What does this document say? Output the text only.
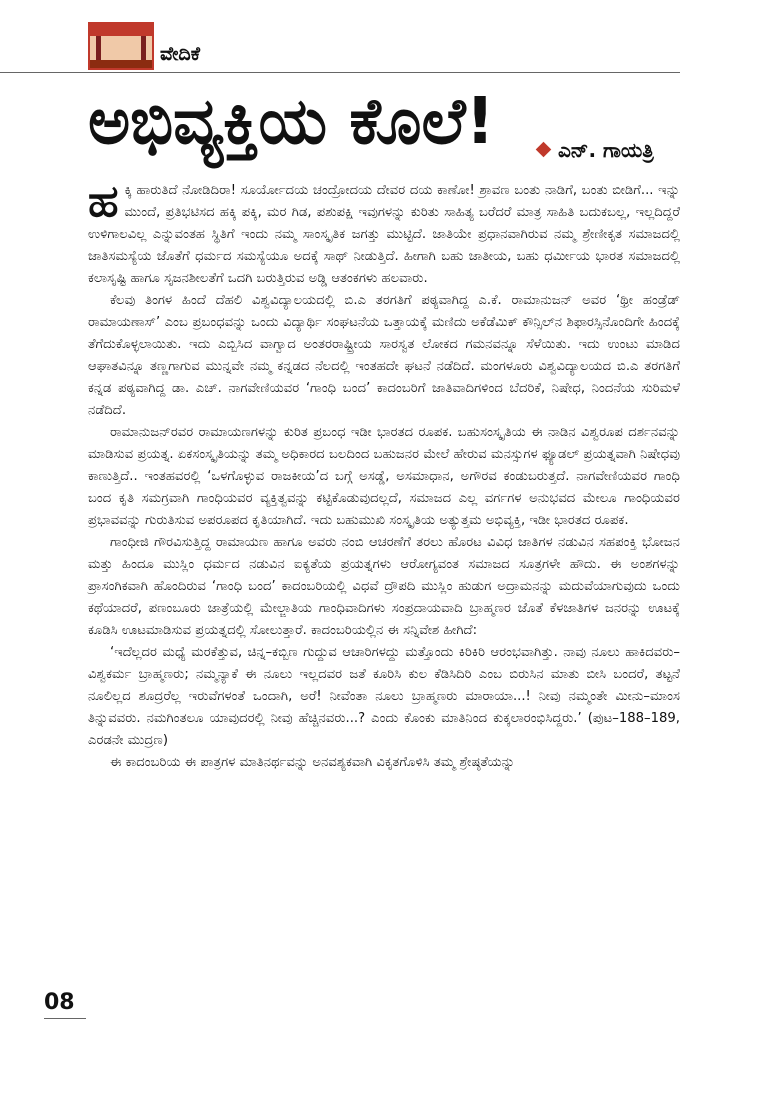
ವೇದಿಕೆ
ಅಭಿವ್ಯಕ್ತಿಯ ಕೊಲೆ!	ಎನ್. ಗಾಯತ್ರಿ

ಹಕ್ಕಿ ಹಾರುತಿದೆ ನೋಡಿದಿರಾ! ಸೂರ್ಯೋದಯ ಚಂದ್ರೋದಯ ದೇವರ ದಯ ಕಾಣೋ! ಶ್ರಾವಣ ಬಂತು ನಾಡಿಗೆ, ಬಂತು ಬೀಡಿಗೆ... ಇನ್ನು ಮುಂದೆ, ಪ್ರತಿಭಟಿಸದ ಹಕ್ಕಿ ಪಕ್ಕಿ, ಮರ ಗಿಡ, ಪಶುಪಕ್ಷಿ ಇವುಗಳನ್ನು ಕುರಿತು ಸಾಹಿತ್ಯ ಬರೆದರೆ ಮಾತ್ರ ಸಾಹಿತಿ ಬದುಕಬಲ್ಲ, ಇಲ್ಲದಿದ್ದರೆ ಉಳಿಗಾಲವಿಲ್ಲ ಎನ್ನುವಂತಹ ಸ್ಥಿತಿಗೆ ಇಂದು ನಮ್ಮ ಸಾಂಸ್ಕೃತಿಕ ಜಗತ್ತು ಮುಟ್ಟಿದೆ. ಜಾತಿಯೇ ಪ್ರಧಾನವಾಗಿರುವ ನಮ್ಮ ಶ್ರೇಣೀಕೃತ ಸಮಾಜದಲ್ಲಿ ಜಾತಿಸಮಸ್ಯೆಯ ಜೊತೆಗೆ ಧರ್ಮದ ಸಮಸ್ಯೆಯೂ ಅದಕ್ಕೆ ಸಾಥ್ ನೀಡುತ್ತಿದೆ. ಹೀಗಾಗಿ ಬಹು ಜಾತೀಯ, ಬಹು ಧರ್ಮೀಯ ಭಾರತ ಸಮಾಜದಲ್ಲಿ ಕಲಾಸೃಷ್ಟಿ ಹಾಗೂ ಸೃಜನಶೀಲತೆಗೆ ಒದಗಿ ಬರುತ್ತಿರುವ ಅಡ್ಡಿ ಆತಂಕಗಳು ಹಲವಾರು.

ಕೆಲವು ತಿಂಗಳ ಹಿಂದೆ ದೆಹಲಿ ವಿಶ್ವವಿದ್ಯಾಲಯದಲ್ಲಿ ಬಿ.ಎ ತರಗತಿಗೆ ಪಠ್ಯವಾಗಿದ್ದ ಎ.ಕೆ. ರಾಮಾನುಜನ್ ಅವರ ‘ಥ್ರೀ ಹಂಡ್ರೆಡ್ ರಾಮಾಯಣಾಸ್’ ಎಂಬ ಪ್ರಬಂಧವನ್ನು ಒಂದು ವಿದ್ಯಾರ್ಥಿ ಸಂಘಟನೆಯ ಒತ್ತಾಯಕ್ಕೆ ಮಣಿದು ಅಕೆಡೆಮಿಕ್ ಕೌನ್ಸಿಲ್‌ನ ಶಿಫಾರಸ್ಸಿನೊಂದಿಗೇ ಹಿಂದಕ್ಕೆ ತೆಗೆದುಕೊಳ್ಳಲಾಯಿತು. ಇದು ಎಬ್ಬಿಸಿದ ವಾಗ್ವಾದ ಅಂತರರಾಷ್ಟ್ರೀಯ ಸಾರಸ್ವತ ಲೋಕದ ಗಮನವನ್ನೂ ಸೆಳೆಯಿತು. ಇದು ಉಂಟು ಮಾಡಿದ ಆಘಾತವಿನ್ನೂ ತಣ್ಣಗಾಗುವ ಮುನ್ನವೇ ನಮ್ಮ ಕನ್ನಡದ ನೆಲದಲ್ಲಿ ಇಂತಹದೇ ಘಟನೆ ನಡೆದಿದೆ. ಮಂಗಳೂರು ವಿಶ್ವವಿದ್ಯಾಲಯದ ಬಿ.ಎ ತರಗತಿಗೆ ಕನ್ನಡ ಪಠ್ಯವಾಗಿದ್ದ ಡಾ. ಎಚ್. ನಾಗವೇಣಿಯವರ ‘ಗಾಂಧಿ ಬಂದ’ ಕಾದಂಬರಿಗೆ ಜಾತಿವಾದಿಗಳಿಂದ ಬೆದರಿಕೆ, ನಿಷೇಧ, ನಿಂದನೆಯ ಸುರಿಮಳೆ ನಡೆದಿದೆ.

ರಾಮಾನುಜನ್‌ರವರ ರಾಮಾಯಣಗಳನ್ನು ಕುರಿತ ಪ್ರಬಂಧ ಇಡೀ ಭಾರತದ ರೂಪಕ. ಬಹುಸಂಸ್ಕೃತಿಯ ಈ ನಾಡಿನ ವಿಶ್ವರೂಪ ದರ್ಶನವನ್ನು ಮಾಡಿಸುವ ಪ್ರಯತ್ನ. ಏಕಸಂಸ್ಕೃತಿಯನ್ನು ತಮ್ಮ ಅಧಿಕಾರದ ಬಲದಿಂದ ಬಹುಜನರ ಮೇಲೆ ಹೇರುವ ಮನಸ್ಸುಗಳ ಫ್ಯೂಡಲ್ ಪ್ರಯತ್ನವಾಗಿ ನಿಷೇಧವು ಕಾಣುತ್ತಿದೆ.. ಇಂತಹವರಲ್ಲಿ ‘ಒಳಗೊಳ್ಳುವ ರಾಜಕೀಯ’ದ ಬಗ್ಗೆ ಅಸಡ್ಡೆ, ಅಸಮಾಧಾನ, ಅಗೌರವ ಕಂಡುಬರುತ್ತದೆ. ನಾಗವೇಣಿಯವರ ಗಾಂಧಿ ಬಂದ ಕೃತಿ ಸಮಗ್ರವಾಗಿ ಗಾಂಧಿಯವರ ವ್ಯಕ್ತಿತ್ವವನ್ನು ಕಟ್ಟಿಕೊಡುವುದಲ್ಲದೆ, ಸಮಾಜದ ಎಲ್ಲ ವರ್ಗಗಳ ಅನುಭವದ ಮೇಲೂ ಗಾಂಧಿಯವರ ಪ್ರಭಾವವನ್ನು ಗುರುತಿಸುವ ಅಪರೂಪದ ಕೃತಿಯಾಗಿದೆ. ಇದು ಬಹುಮುಖಿ ಸಂಸ್ಕೃತಿಯ ಅತ್ಯುತ್ತಮ ಅಭಿವ್ಯಕ್ತಿ, ಇಡೀ ಭಾರತದ ರೂಪಕ.

ಗಾಂಧೀಜಿ ಗೌರವಿಸುತ್ತಿದ್ದ ರಾಮಾಯಣ ಹಾಗೂ ಅವರು ನಂಬಿ ಆಚರಣೆಗೆ ತರಲು ಹೊರಟ ವಿವಿಧ ಜಾತಿಗಳ ನಡುವಿನ ಸಹಪಂಕ್ತಿ ಭೋಜನ ಮತ್ತು ಹಿಂದೂ ಮುಸ್ಲಿಂ ಧರ್ಮದ ನಡುವಿನ ಐಕ್ಯತೆಯ ಪ್ರಯತ್ನಗಳು ಆರೋಗ್ಯವಂತ ಸಮಾಜದ ಸೂತ್ರಗಳೇ ಹೌದು. ಈ ಅಂಶಗಳನ್ನು ಪ್ರಾಸಂಗಿಕವಾಗಿ ಹೊಂದಿರುವ ‘ಗಾಂಧಿ ಬಂದ’ ಕಾದಂಬರಿಯಲ್ಲಿ ವಿಧವೆ ದ್ರೌಪದಿ ಮುಸ್ಲಿಂ ಹುಡುಗ ಅದ್ರಾಮನನ್ನು ಮದುವೆಯಾಗುವುದು ಒಂದು ಕಥೆಯಾದರೆ, ಪಣಂಬೂರು ಜಾತ್ರೆಯಲ್ಲಿ ಮೇಲ್ಜಾತಿಯ ಗಾಂಧಿವಾದಿಗಳು ಸಂಪ್ರದಾಯವಾದಿ ಬ್ರಾಹ್ಮಣರ ಜೊತೆ ಕೆಳಜಾತಿಗಳ ಜನರನ್ನು ಊಟಕ್ಕೆ ಕೂಡಿಸಿ ಊಟಮಾಡಿಸುವ ಪ್ರಯತ್ನದಲ್ಲಿ ಸೋಲುತ್ತಾರೆ. ಕಾದಂಬರಿಯಲ್ಲಿನ ಈ ಸನ್ನಿವೇಶ ಹೀಗಿದೆ:

‘ಇದೆಲ್ಲದರ ಮಧ್ಯೆ ಮರಕೆತ್ತುವ, ಚಿನ್ನ–ಕಬ್ಬಿಣ ಗುದ್ದುವ ಆಚಾರಿಗಳದ್ದು ಮತ್ತೊಂದು ಕಿರಿಕಿರಿ ಆರಂಭವಾಗಿತ್ತು. ನಾವು ನೂಲು ಹಾಕಿದವರು–ವಿಶ್ವಕರ್ಮ ಬ್ರಾಹ್ಮಣರು; ನಮ್ಮನ್ಯಾಕೆ ಈ ನೂಲು ಇಲ್ಲದವರ ಜತೆ ಕೂರಿಸಿ ಕುಲ ಕೆಡಿಸಿದಿರಿ ಎಂಬ ಬಿರುಸಿನ ಮಾತು ಬೀಸಿ ಬಂದರೆ, ತಟ್ಟನೆ ನೂಲಿಲ್ಲದ ಶೂದ್ರರೆಲ್ಲ ಇರುವೆಗಳಂತೆ ಒಂದಾಗಿ, ಅರೆ! ನೀವೆಂತಾ ನೂಲು ಬ್ರಾಹ್ಮಣರು ಮಾರಾಯಾ...! ನೀವು ನಮ್ಮಂತೇ ಮೀನು–ಮಾಂಸ ತಿನ್ನುವವರು. ನಮಗಿಂತಲೂ ಯಾವುದರಲ್ಲಿ ನೀವು ಹೆಚ್ಚಿನವರು...? ಎಂದು ಕೊಂಕು ಮಾತಿನಿಂದ ಕುಕ್ಕಲಾರಂಭಿಸಿದ್ದರು.’ (ಪುಟ–188–189, ಎರಡನೇ ಮುದ್ರಣ)

ಈ ಕಾದಂಬರಿಯ ಈ ಪಾತ್ರಗಳ ಮಾತಿನರ್ಥವನ್ನು ಅನವಶ್ಯಕವಾಗಿ ವಿಕೃತಗೊಳಿಸಿ ತಮ್ಮ ಶ್ರೇಷ್ಠತೆಯನ್ನು

08
